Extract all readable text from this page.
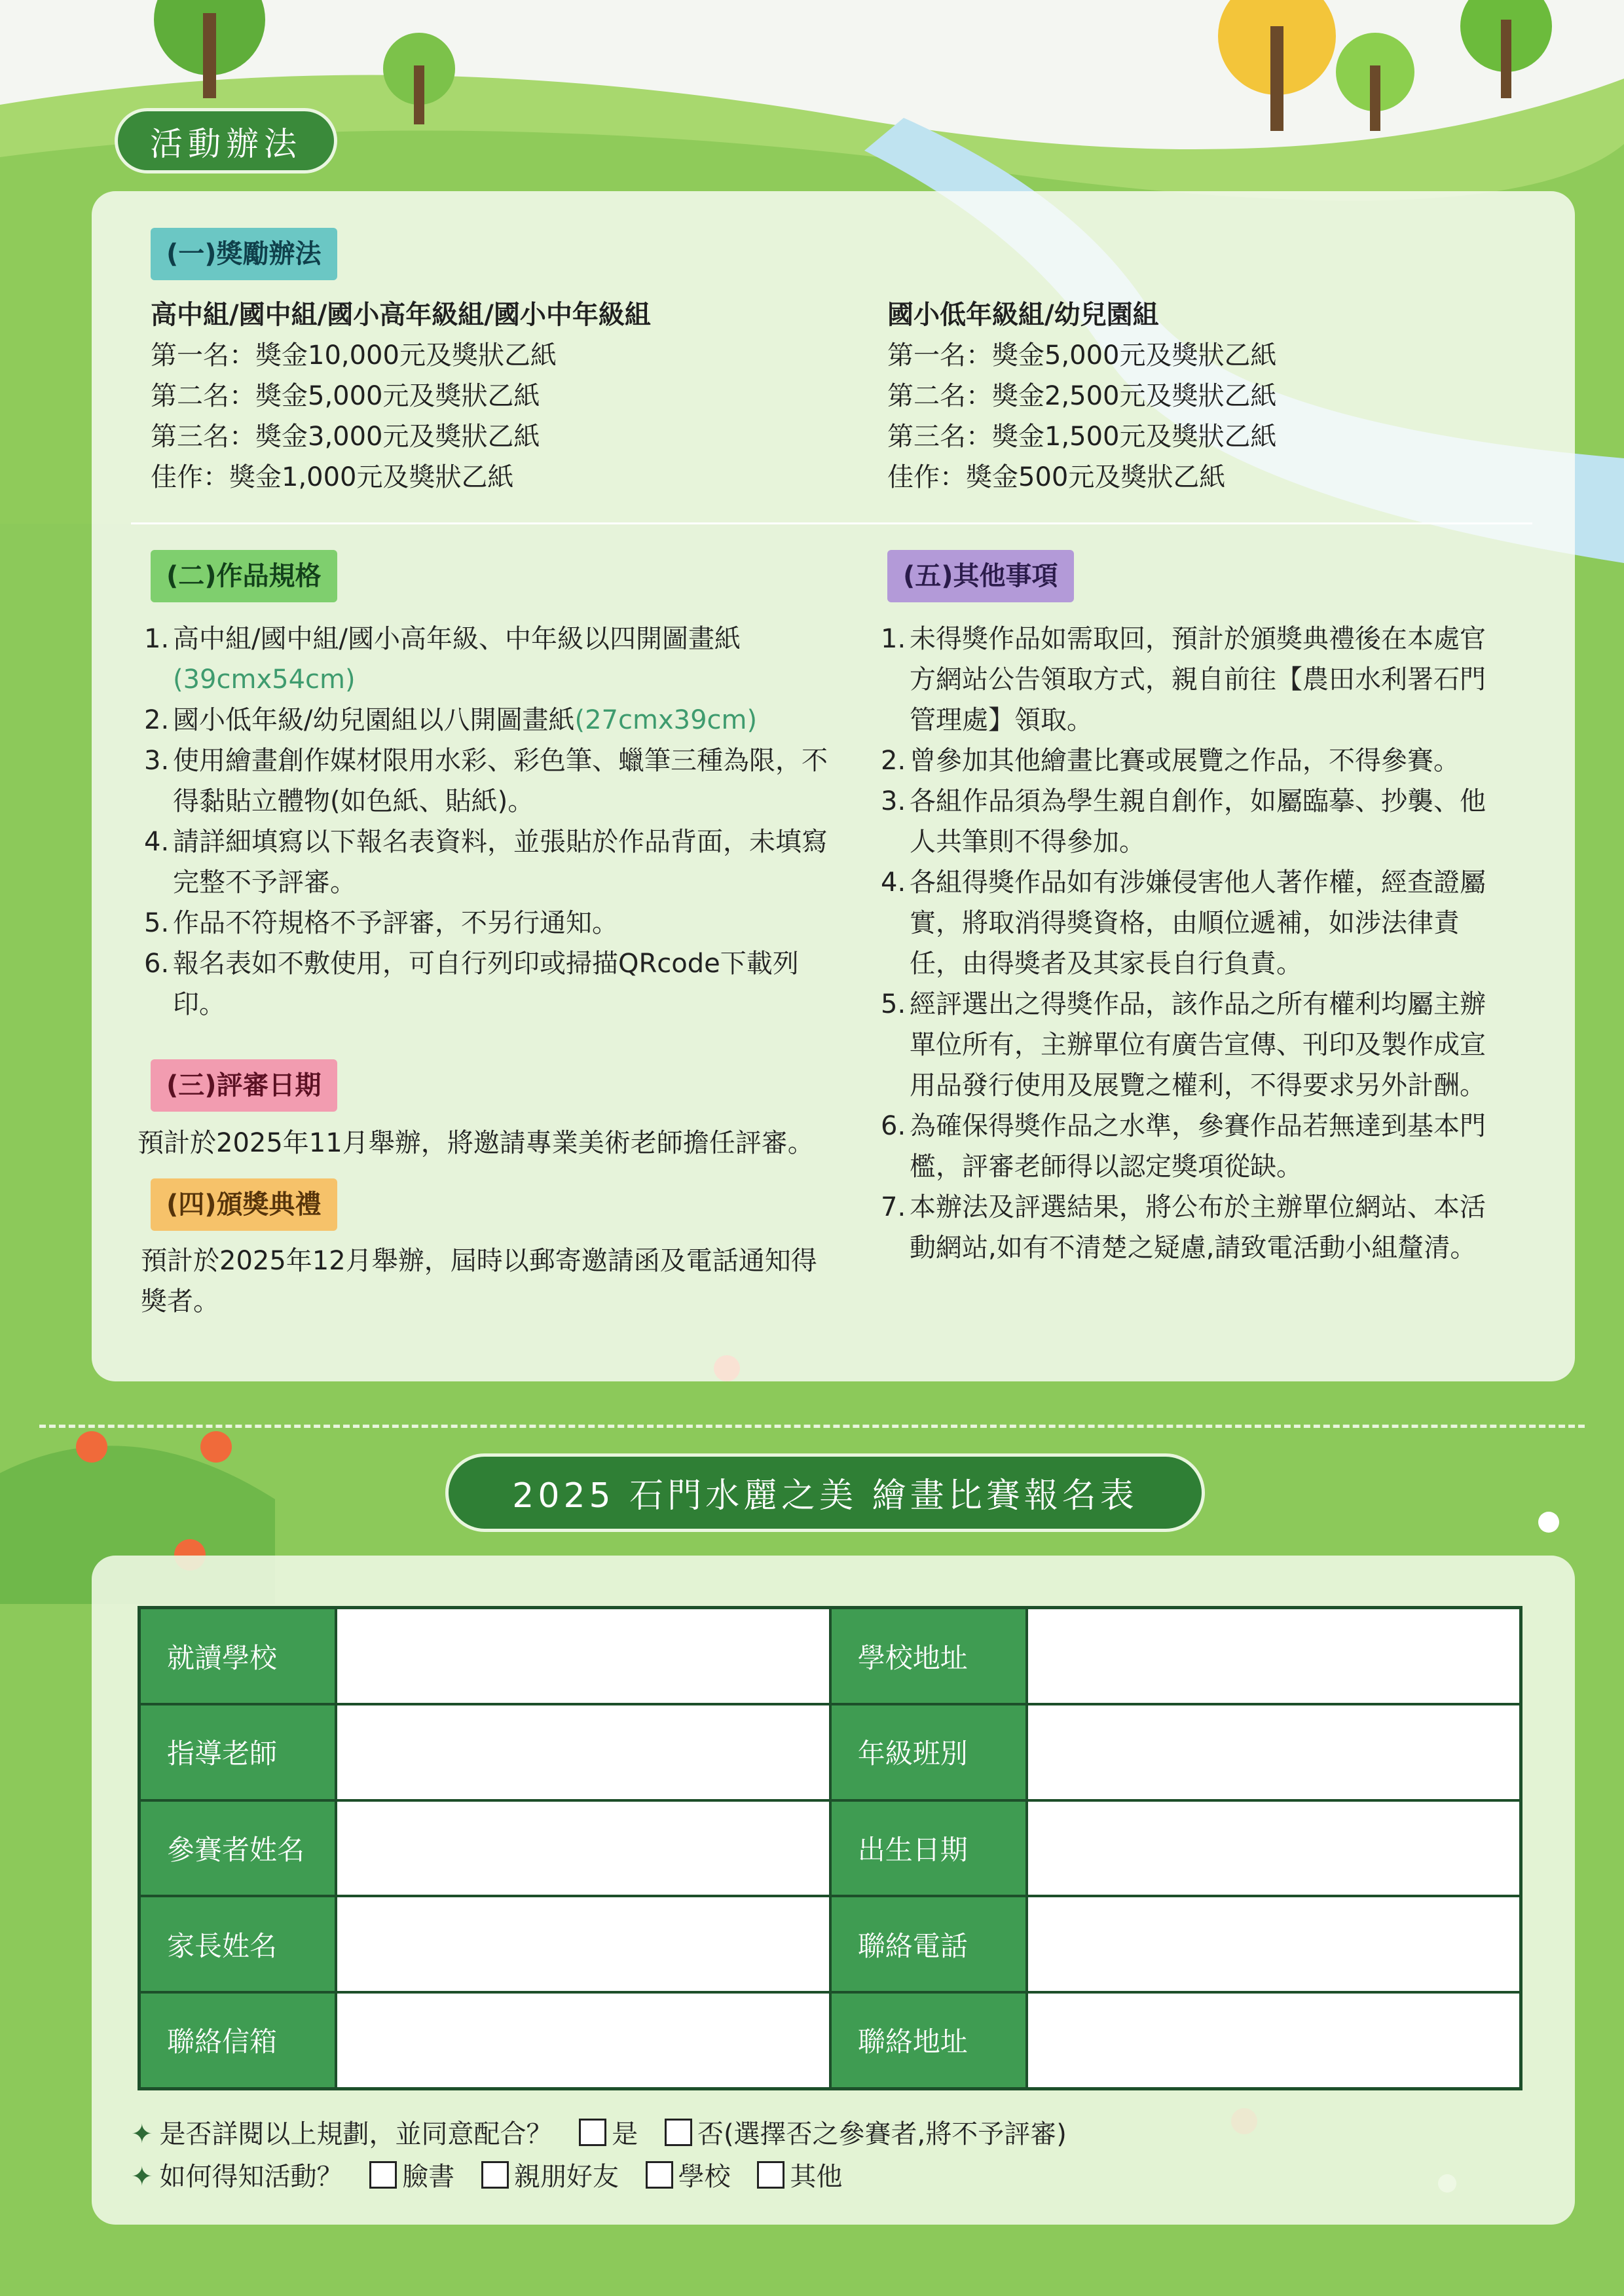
活動辦法
(一)獎勵辦法
高中組/國中組/國小高年級組/國小中年級組
第一名：獎金10,000元及獎狀乙紙
第二名：獎金5,000元及獎狀乙紙
第三名：獎金3,000元及獎狀乙紙
佳作：獎金1,000元及獎狀乙紙
國小低年級組/幼兒園組
第一名：獎金5,000元及獎狀乙紙
第二名：獎金2,500元及獎狀乙紙
第三名：獎金1,500元及獎狀乙紙
佳作：獎金500元及獎狀乙紙
(二)作品規格
1. 高中組/國中組/國小高年級、中年級以四開圖畫紙
(39cmx54cm)
2. 國小低年級/幼兒園組以八開圖畫紙(27cmx39cm)
3. 使用繪畫創作媒材限用水彩、彩色筆、蠟筆三種為限，不得黏貼立體物(如色紙、貼紙)。
4. 請詳細填寫以下報名表資料，並張貼於作品背面，未填寫完整不予評審。
5. 作品不符規格不予評審，不另行通知。
6. 報名表如不敷使用，可自行列印或掃描QRcode下載列印。
(三)評審日期
預計於2025年11月舉辦，將邀請專業美術老師擔任評審。
(四)頒獎典禮
預計於2025年12月舉辦，屆時以郵寄邀請函及電話通知得獎者。
(五)其他事項
1. 未得獎作品如需取回，預計於頒獎典禮後在本處官方網站公告領取方式，親自前往【農田水利署石門管理處】領取。
2. 曾參加其他繪畫比賽或展覽之作品，不得參賽。
3. 各組作品須為學生親自創作，如屬臨摹、抄襲、他人共筆則不得參加。
4. 各組得獎作品如有涉嫌侵害他人著作權，經查證屬實，將取消得獎資格，由順位遞補，如涉法律責任，由得獎者及其家長自行負責。
5. 經評選出之得獎作品，該作品之所有權利均屬主辦單位所有，主辦單位有廣告宣傳、刊印及製作成宣用品發行使用及展覽之權利，不得要求另外計酬。
6. 為確保得獎作品之水準，參賽作品若無達到基本門檻，評審老師得以認定獎項從缺。
7. 本辦法及評選結果，將公布於主辦單位網站、本活動網站,如有不清楚之疑慮,請致電活動小組釐清。
2025 石門水麗之美 繪畫比賽報名表
就讀學校		學校地址	
指導老師		年級班別	
參賽者姓名		出生日期	
家長姓名		聯絡電話	
聯絡信箱		聯絡地址	
✦ 是否詳閱以上規劃，並同意配合？ 是 否(選擇否之參賽者,將不予評審)
✦ 如何得知活動？ 臉書 親朋好友 學校 其他
